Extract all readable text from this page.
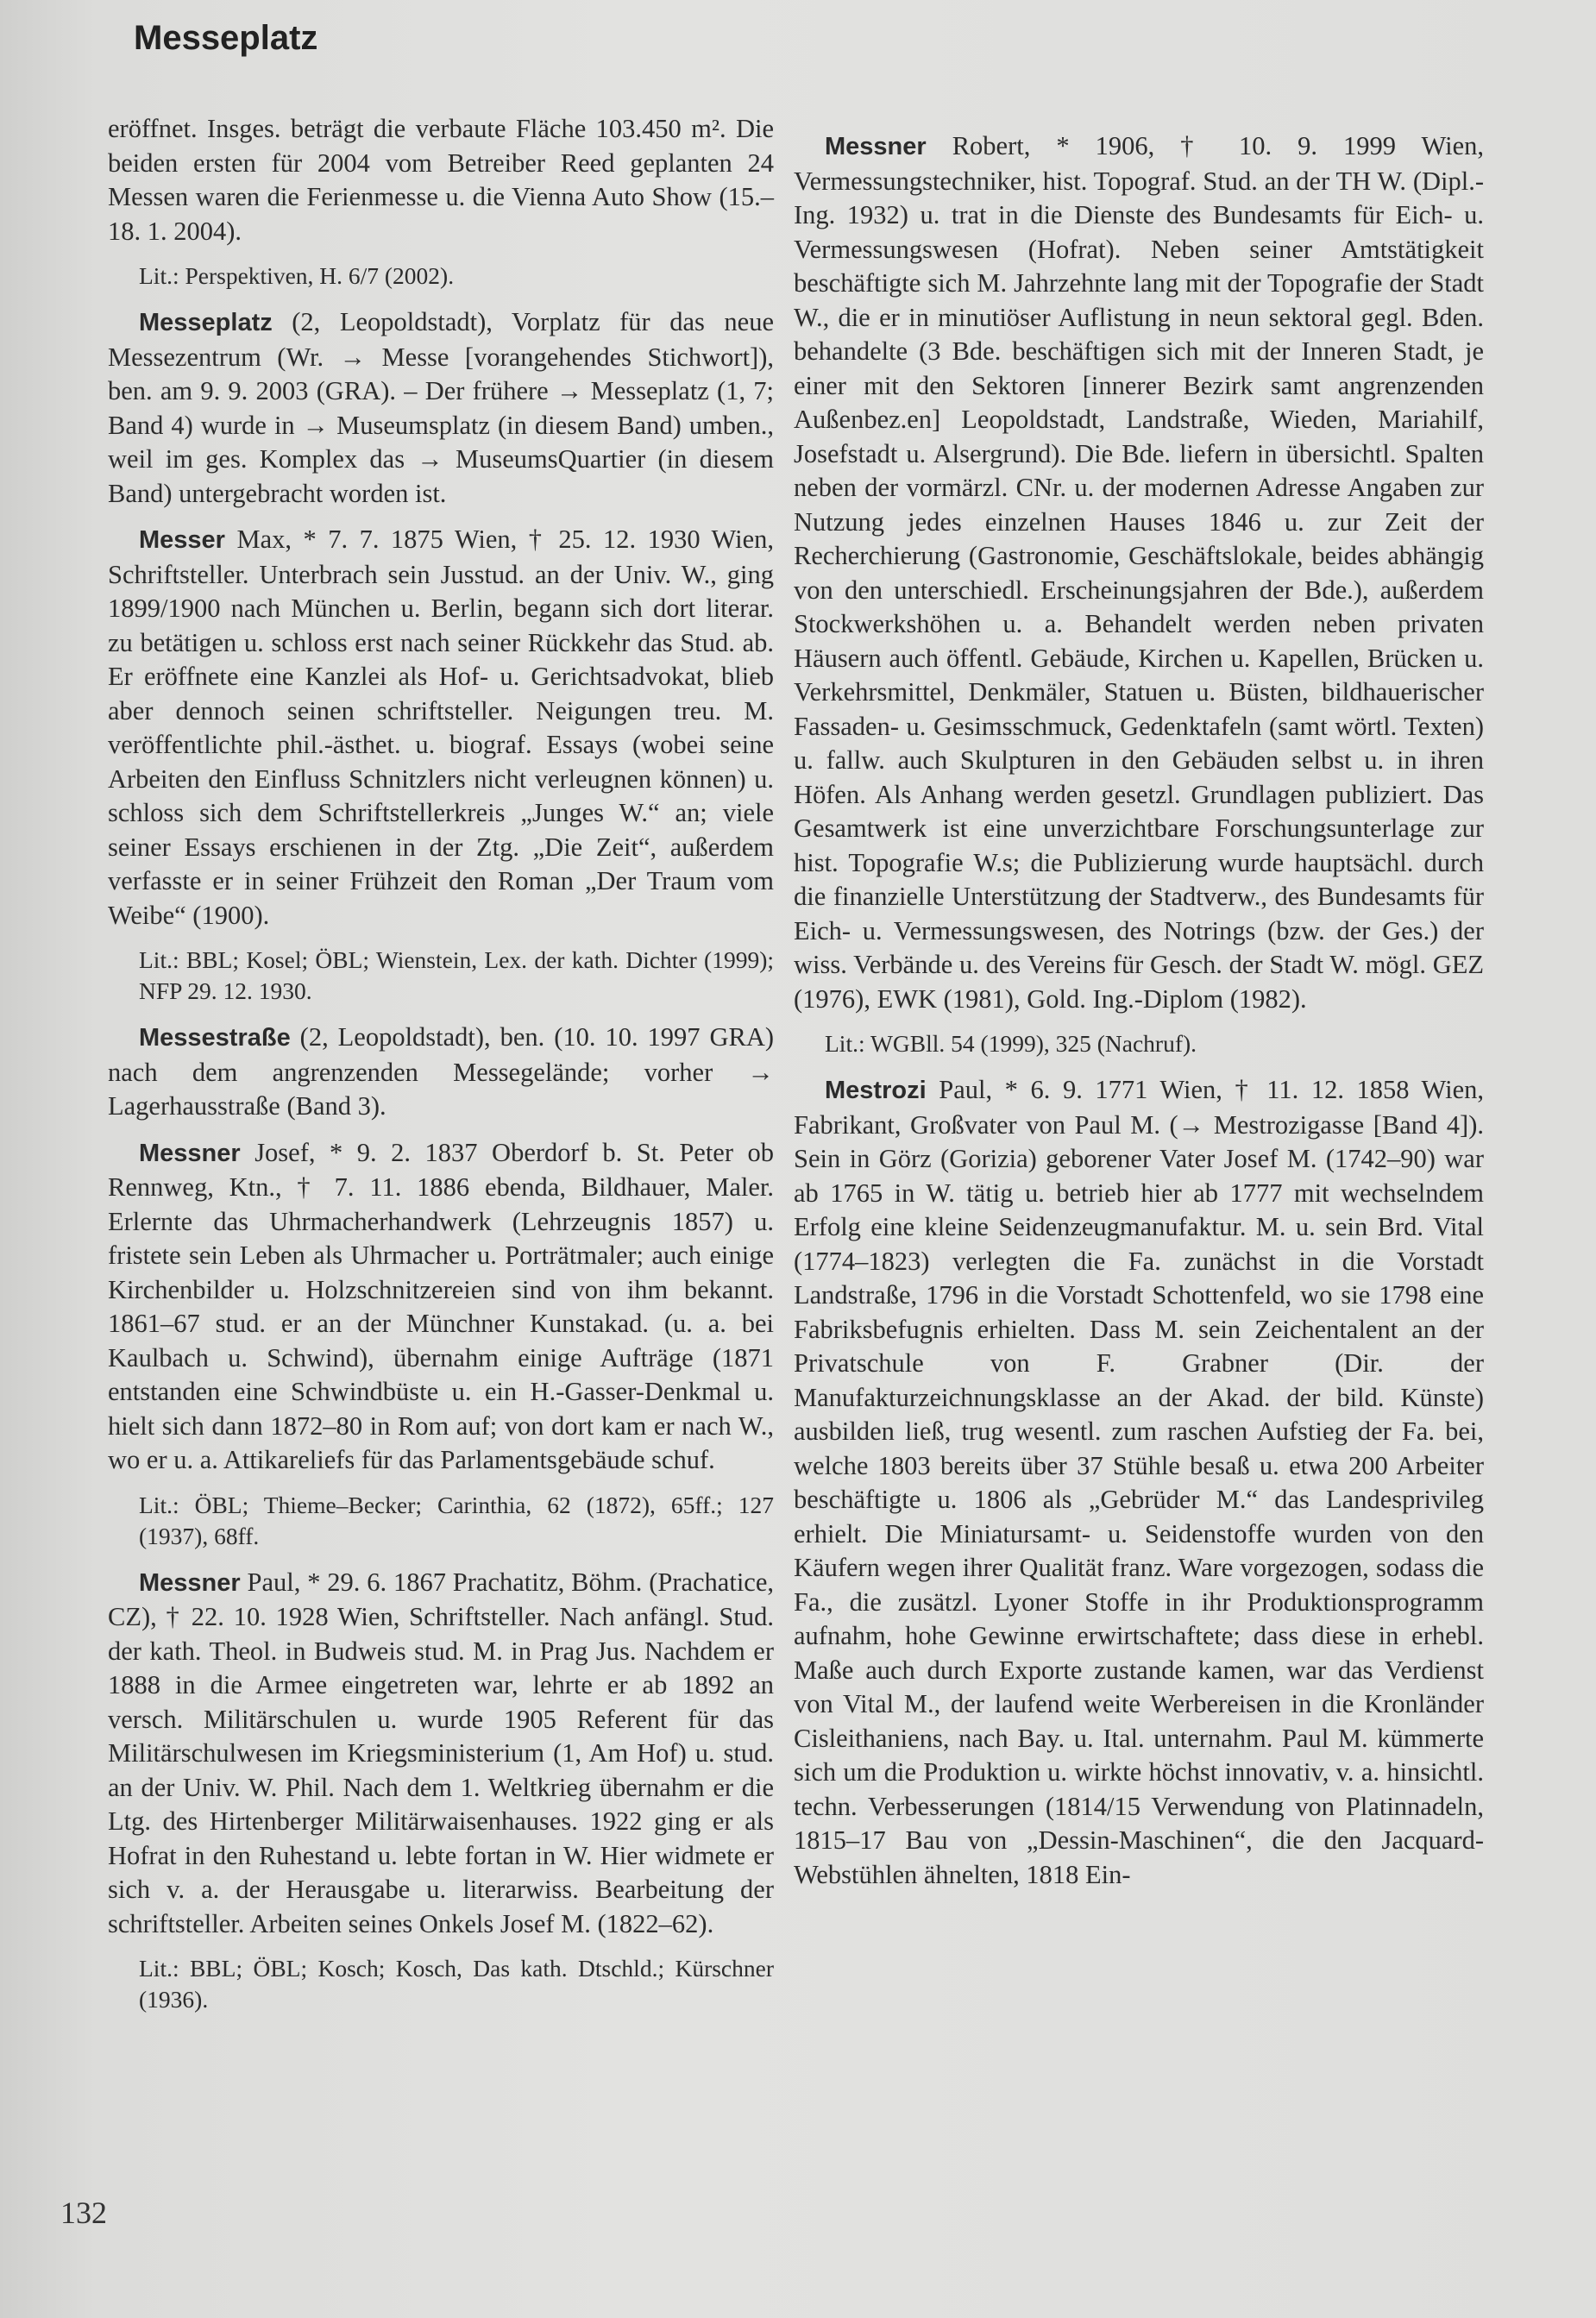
Messeplatz

eröffnet. Insges. beträgt die verbaute Fläche 103.450 m². Die beiden ersten für 2004 vom Betreiber Reed geplanten 24 Messen waren die Ferienmesse u. die Vienna Auto Show (15.–18. 1. 2004).

Lit.: Perspektiven, H. 6/7 (2002).

Messeplatz (2, Leopoldstadt), Vorplatz für das neue Messezentrum (Wr. → Messe [vorangehendes Stichwort]), ben. am 9. 9. 2003 (GRA). – Der frühere → Messeplatz (1, 7; Band 4) wurde in → Museumsplatz (in diesem Band) umben., weil im ges. Komplex das → MuseumsQuartier (in diesem Band) untergebracht worden ist.

Messer Max, * 7. 7. 1875 Wien, † 25. 12. 1930 Wien, Schriftsteller. Unterbrach sein Jusstud. an der Univ. W., ging 1899/1900 nach München u. Berlin, begann sich dort literar. zu betätigen u. schloss erst nach seiner Rückkehr das Stud. ab. Er eröffnete eine Kanzlei als Hof- u. Gerichtsadvokat, blieb aber dennoch seinen schriftsteller. Neigungen treu. M. veröffentlichte phil.-ästhet. u. biograf. Essays (wobei seine Arbeiten den Einfluss Schnitzlers nicht verleugnen können) u. schloss sich dem Schriftstellerkreis „Junges W.“ an; viele seiner Essays erschienen in der Ztg. „Die Zeit“, außerdem verfasste er in seiner Frühzeit den Roman „Der Traum vom Weibe“ (1900).

Lit.: BBL; Kosel; ÖBL; Wienstein, Lex. der kath. Dichter (1999); NFP 29. 12. 1930.

Messestraße (2, Leopoldstadt), ben. (10. 10. 1997 GRA) nach dem angrenzenden Messegelände; vorher → Lagerhausstraße (Band 3).

Messner Josef, * 9. 2. 1837 Oberdorf b. St. Peter ob Rennweg, Ktn., † 7. 11. 1886 ebenda, Bildhauer, Maler. Erlernte das Uhrmacherhandwerk (Lehrzeugnis 1857) u. fristete sein Leben als Uhrmacher u. Porträtmaler; auch einige Kirchenbilder u. Holzschnitzereien sind von ihm bekannt. 1861–67 stud. er an der Münchner Kunstakad. (u. a. bei Kaulbach u. Schwind), übernahm einige Aufträge (1871 entstanden eine Schwindbüste u. ein H.-Gasser-Denkmal u. hielt sich dann 1872–80 in Rom auf; von dort kam er nach W., wo er u. a. Attikareliefs für das Parlamentsgebäude schuf.

Lit.: ÖBL; Thieme–Becker; Carinthia, 62 (1872), 65ff.; 127 (1937), 68ff.

Messner Paul, * 29. 6. 1867 Prachatitz, Böhm. (Prachatice, CZ), † 22. 10. 1928 Wien, Schriftsteller. Nach anfängl. Stud. der kath. Theol. in Budweis stud. M. in Prag Jus. Nachdem er 1888 in die Armee eingetreten war, lehrte er ab 1892 an versch. Militärschulen u. wurde 1905 Referent für das Militärschulwesen im Kriegsministerium (1, Am Hof) u. stud. an der Univ. W. Phil. Nach dem 1. Weltkrieg übernahm er die Ltg. des Hirtenberger Militärwaisenhauses. 1922 ging er als Hofrat in den Ruhestand u. lebte fortan in W. Hier widmete er sich v. a. der Herausgabe u. literarwiss. Bearbeitung der schriftsteller. Arbeiten seines Onkels Josef M. (1822–62).

Lit.: BBL; ÖBL; Kosch; Kosch, Das kath. Dtschld.; Kürschner (1936).

Messner Robert, * 1906, † 10. 9. 1999 Wien, Vermessungstechniker, hist. Topograf. Stud. an der TH W. (Dipl.-Ing. 1932) u. trat in die Dienste des Bundesamts für Eich- u. Vermessungswesen (Hofrat). Neben seiner Amtstätigkeit beschäftigte sich M. Jahrzehnte lang mit der Topografie der Stadt W., die er in minutiöser Auflistung in neun sektoral gegl. Bden. behandelte (3 Bde. beschäftigen sich mit der Inneren Stadt, je einer mit den Sektoren [innerer Bezirk samt angrenzenden Außenbez.en] Leopoldstadt, Landstraße, Wieden, Mariahilf, Josefstadt u. Alsergrund). Die Bde. liefern in übersichtl. Spalten neben der vormärzl. CNr. u. der modernen Adresse Angaben zur Nutzung jedes einzelnen Hauses 1846 u. zur Zeit der Recherchierung (Gastronomie, Geschäftslokale, beides abhängig von den unterschiedl. Erscheinungsjahren der Bde.), außerdem Stockwerkshöhen u. a. Behandelt werden neben privaten Häusern auch öffentl. Gebäude, Kirchen u. Kapellen, Brücken u. Verkehrsmittel, Denkmäler, Statuen u. Büsten, bildhauerischer Fassaden- u. Gesimsschmuck, Gedenktafeln (samt wörtl. Texten) u. fallw. auch Skulpturen in den Gebäuden selbst u. in ihren Höfen. Als Anhang werden gesetzl. Grundlagen publiziert. Das Gesamtwerk ist eine unverzichtbare Forschungsunterlage zur hist. Topografie W.s; die Publizierung wurde hauptsächl. durch die finanzielle Unterstützung der Stadtverw., des Bundesamts für Eich- u. Vermessungswesen, des Notrings (bzw. der Ges.) der wiss. Verbände u. des Vereins für Gesch. der Stadt W. mögl. GEZ (1976), EWK (1981), Gold. Ing.-Diplom (1982).

Lit.: WGBll. 54 (1999), 325 (Nachruf).

Mestrozi Paul, * 6. 9. 1771 Wien, † 11. 12. 1858 Wien, Fabrikant, Großvater von Paul M. (→ Mestrozigasse [Band 4]). Sein in Görz (Gorizia) geborener Vater Josef M. (1742–90) war ab 1765 in W. tätig u. betrieb hier ab 1777 mit wechselndem Erfolg eine kleine Seidenzeugmanufaktur. M. u. sein Brd. Vital (1774–1823) verlegten die Fa. zunächst in die Vorstadt Landstraße, 1796 in die Vorstadt Schottenfeld, wo sie 1798 eine Fabriksbefugnis erhielten. Dass M. sein Zeichentalent an der Privatschule von F. Grabner (Dir. der Manufakturzeichnungsklasse an der Akad. der bild. Künste) ausbilden ließ, trug wesentl. zum raschen Aufstieg der Fa. bei, welche 1803 bereits über 37 Stühle besaß u. etwa 200 Arbeiter beschäftigte u. 1806 als „Gebrüder M.“ das Landesprivileg erhielt. Die Miniatursamt- u. Seidenstoffe wurden von den Käufern wegen ihrer Qualität franz. Ware vorgezogen, sodass die Fa., die zusätzl. Lyoner Stoffe in ihr Produktionsprogramm aufnahm, hohe Gewinne erwirtschaftete; dass diese in erhebl. Maße auch durch Exporte zustande kamen, war das Verdienst von Vital M., der laufend weite Werbereisen in die Kronländer Cisleithaniens, nach Bay. u. Ital. unternahm. Paul M. kümmerte sich um die Produktion u. wirkte höchst innovativ, v. a. hinsichtl. techn. Verbesserungen (1814/15 Verwendung von Platinnadeln, 1815–17 Bau von „Dessin-Maschinen“, die den Jacquard-Webstühlen ähnelten, 1818 Ein-

132
